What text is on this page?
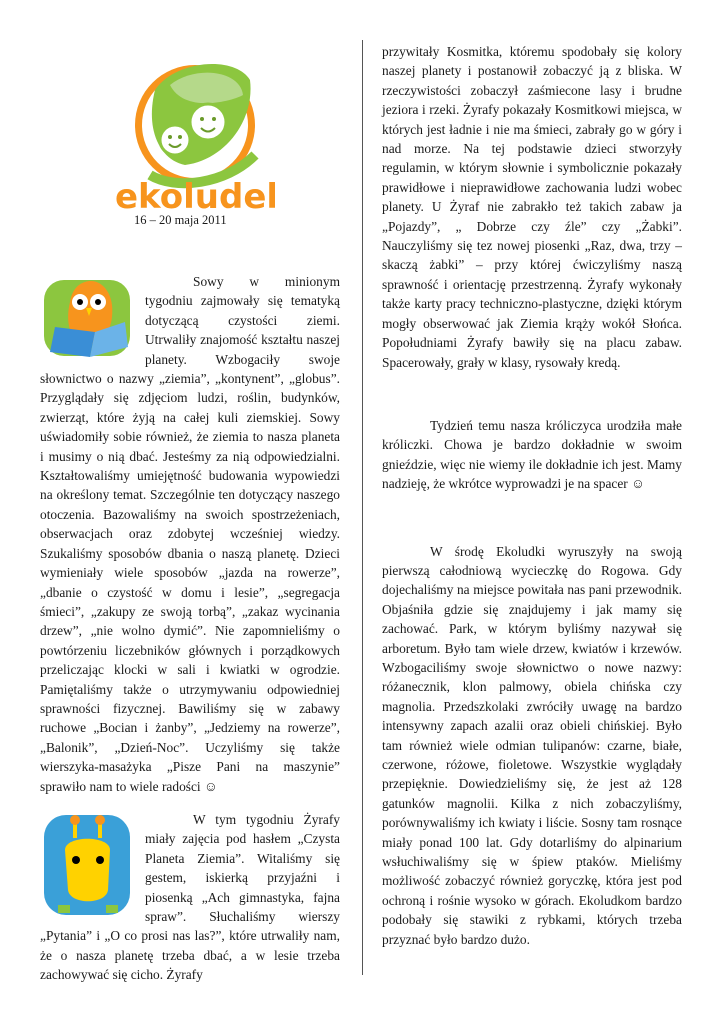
ekoludek
16 – 20 maja 2011

Sowy w minionym tygodniu zajmowały się tematyką dotyczącą czystości ziemi. Utrwaliły znajomość kształtu naszej planety. Wzbogaciły swoje słownictwo o nazwy „ziemia”, „kontynent”, „globus”. Przyglądały się zdjęciom ludzi, roślin, budynków, zwierząt, które żyją na całej kuli ziemskiej. Sowy uświadomiły sobie również, że ziemia to nasza planeta i musimy o nią dbać. Jesteśmy za nią odpowiedzialni. Kształtowaliśmy umiejętność budowania wypowiedzi na określony temat. Szczególnie ten dotyczący naszego otoczenia. Bazowaliśmy na swoich spostrzeżeniach, obserwacjach oraz zdobytej wcześniej wiedzy. Szukaliśmy sposobów dbania o naszą planetę. Dzieci wymieniały wiele sposobów „jazda na rowerze”, „dbanie o czystość w domu i lesie”, „segregacja śmieci”, „zakupy ze swoją torbą”, „zakaz wycinania drzew”, „nie wolno dymić”. Nie zapomnieliśmy o powtórzeniu liczebników głównych i porządkowych przeliczając klocki w sali i kwiatki w ogrodzie. Pamiętaliśmy także o utrzymywaniu odpowiedniej sprawności fizycznej. Bawiliśmy się w zabawy ruchowe „Bocian i żanby”, „Jedziemy na rowerze”, „Balonik”, „Dzień-Noc”. Uczyliśmy się także wierszyka-masażyka „Pisze Pani na maszynie” sprawiło nam to wiele radości ☺

W tym tygodniu Żyrafy miały zajęcia pod hasłem „Czysta Planeta Ziemia”. Witaliśmy się gestem, iskierką przyjaźni i piosenką „Ach gimnastyka, fajna spraw”. Słuchaliśmy wierszy „Pytania” i „O co prosi nas las?”, które utrwaliły nam, że o nasza planetę trzeba dbać, a w lesie trzeba zachowywać się cicho. Żyrafy

przywitały Kosmitka, któremu spodobały się kolory naszej planety i postanowił zobaczyć ją z bliska. W rzeczywistości zobaczył zaśmiecone lasy i brudne jeziora i rzeki. Żyrafy pokazały Kosmitkowi miejsca, w których jest ładnie i nie ma śmieci, zabrały go w góry i nad morze. Na tej podstawie dzieci stworzyły regulamin, w którym słownie i symbolicznie pokazały prawidłowe i nieprawidłowe zachowania ludzi wobec planety. U Żyraf nie zabrakło też takich zabaw ja „Pojazdy”, „ Dobrze czy źle” czy „Żabki”. Nauczyliśmy się tez nowej piosenki „Raz, dwa, trzy – skaczą żabki” – przy której ćwiczyliśmy naszą sprawność i orientację przestrzenną. Żyrafy wykonały także karty pracy techniczno-plastyczne, dzięki którym mogły obserwować jak Ziemia krąży wokół Słońca. Popołudniami Żyrafy bawiły się na placu zabaw. Spacerowały, grały w klasy, rysowały kredą.

Tydzień temu nasza króliczyca urodziła małe króliczki. Chowa je bardzo dokładnie w swoim gnieździe, więc nie wiemy ile dokładnie ich jest. Mamy nadzieję, że wkrótce wyprowadzi je na spacer ☺

W środę Ekoludki wyruszyły na swoją pierwszą całodniową wycieczkę do Rogowa. Gdy dojechaliśmy na miejsce powitała nas pani przewodnik. Objaśniła gdzie się znajdujemy i jak mamy się zachować. Park, w którym byliśmy nazywał się arboretum. Było tam wiele drzew, kwiatów i krzewów. Wzbogaciliśmy swoje słownictwo o nowe nazwy: różanecznik, klon palmowy, obiela chińska czy magnolia. Przedszkolaki zwróciły uwagę na bardzo intensywny zapach azalii oraz obieli chińskiej. Było tam również wiele odmian tulipanów: czarne, białe, czerwone, różowe, fioletowe. Wszystkie wyglądały przepięknie. Dowiedzieliśmy się, że jest aż 128 gatunków magnolii. Kilka z nich zobaczyliśmy, porównywaliśmy ich kwiaty i liście. Sosny tam rosnące miały ponad 100 lat. Gdy dotarliśmy do alpinarium wsłuchiwaliśmy się w śpiew ptaków. Mieliśmy możliwość zobaczyć również goryczkę, która jest pod ochroną i rośnie wysoko w górach. Ekoludkom bardzo podobały się stawiki z rybkami, których trzeba przyznać było bardzo dużo.
